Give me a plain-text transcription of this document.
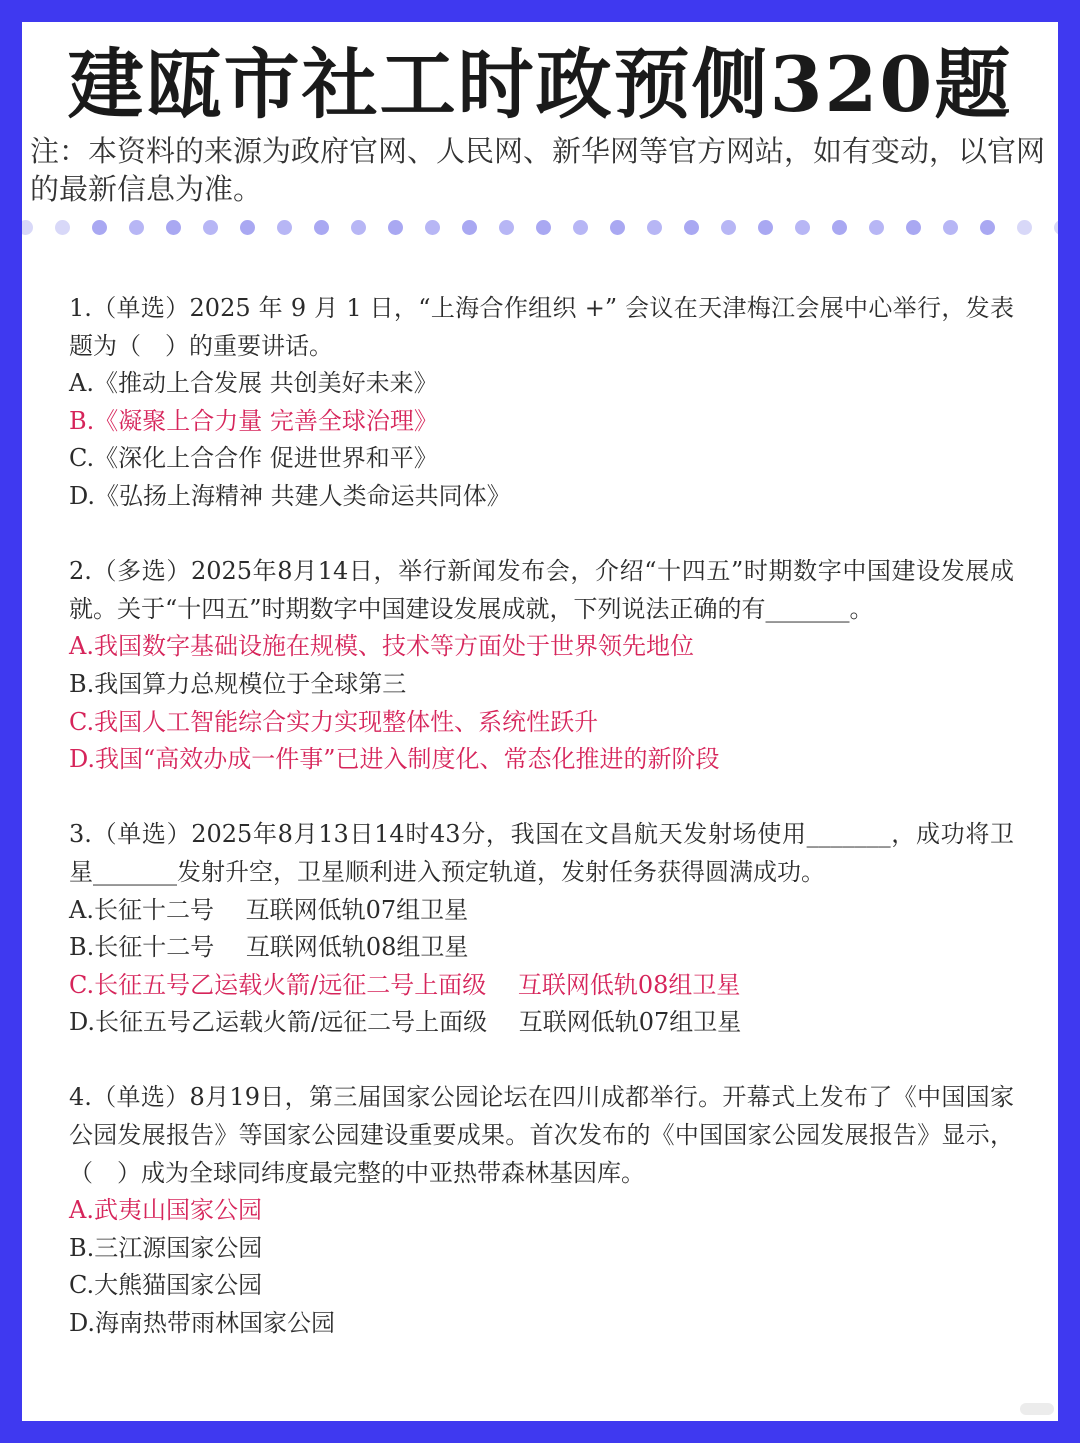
建瓯市社工时政预侧320题
注：本资料的来源为政府官网、人民网、新华网等官方网站，如有变动，以官网的最新信息为准。

1.（单选）2025 年 9 月 1 日，“上海合作组织 +” 会议在天津梅江会展中心举行，发表题为（　）的重要讲话。

A.《推动上合发展 共创美好未来》

B.《凝聚上合力量 完善全球治理》

C.《深化上合合作 促进世界和平》

D.《弘扬上海精神 共建人类命运共同体》

2.（多选）2025年8月14日，举行新闻发布会，介绍“十四五”时期数字中国建设发展成就。关于“十四五”时期数字中国建设发展成就，下列说法正确的有_______。

A.我国数字基础设施在规模、技术等方面处于世界领先地位

B.我国算力总规模位于全球第三

C.我国人工智能综合实力实现整体性、系统性跃升

D.我国“高效办成一件事”已进入制度化、常态化推进的新阶段

3.（单选）2025年8月13日14时43分，我国在文昌航天发射场使用_______，成功将卫星_______发射升空，卫星顺利进入预定轨道，发射任务获得圆满成功。

A.长征十二号　 互联网低轨07组卫星

B.长征十二号　 互联网低轨08组卫星

C.长征五号乙运载火箭/远征二号上面级　 互联网低轨08组卫星

D.长征五号乙运载火箭/远征二号上面级　 互联网低轨07组卫星

4.（单选）8月19日，第三届国家公园论坛在四川成都举行。开幕式上发布了《中国国家公园发展报告》等国家公园建设重要成果。首次发布的《中国国家公园发展报告》显示，（　）成为全球同纬度最完整的中亚热带森林基因库。

A.武夷山国家公园

B.三江源国家公园

C.大熊猫国家公园

D.海南热带雨林国家公园
